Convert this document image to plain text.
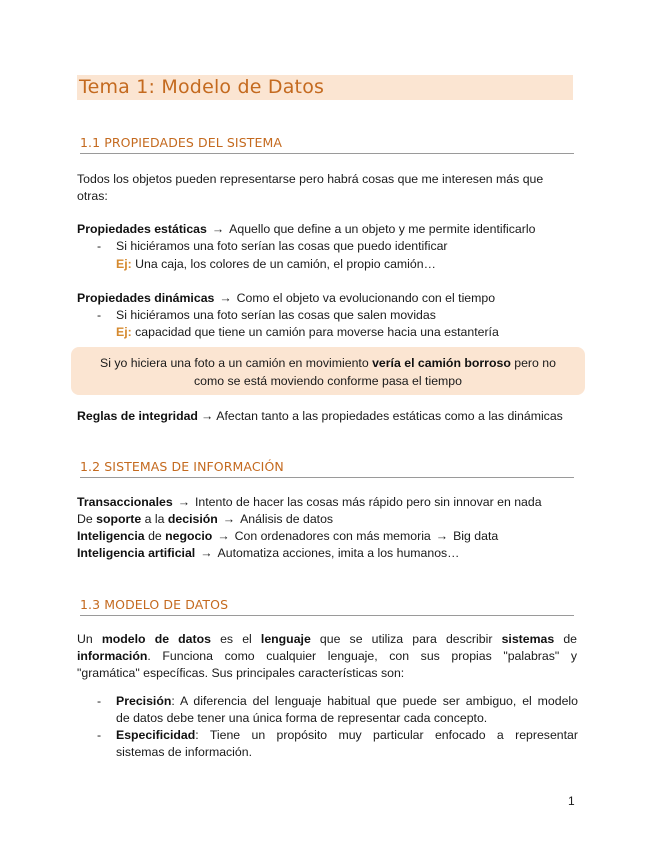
Tema 1: Modelo de Datos
1.1 PROPIEDADES DEL SISTEMA
Todos los objetos pueden representarse pero habrá cosas que me interesen más que
otras:
Propiedades estáticas → Aquello que define a un objeto y me permite identificarlo
- Si hiciéramos una foto serían las cosas que puedo identificar
Ej: Una caja, los colores de un camión, el propio camión…
Propiedades dinámicas → Como el objeto va evolucionando con el tiempo
- Si hiciéramos una foto serían las cosas que salen movidas
Ej: capacidad que tiene un camión para moverse hacia una estantería
Si yo hiciera una foto a un camión en movimiento vería el camión borroso pero no
como se está moviendo conforme pasa el tiempo
Reglas de integridad → Afectan tanto a las propiedades estáticas como a las dinámicas
1.2 SISTEMAS DE INFORMACIÓN
Transaccionales → Intento de hacer las cosas más rápido pero sin innovar en nada
De soporte a la decisión → Análisis de datos
Inteligencia de negocio → Con ordenadores con más memoria → Big data
Inteligencia artificial → Automatiza acciones, imita a los humanos…
1.3 MODELO DE DATOS
Un modelo de datos es el lenguaje que se utiliza para describir sistemas de
información. Funciona como cualquier lenguaje, con sus propias "palabras" y
"gramática" específicas. Sus principales características son:
- Precisión: A diferencia del lenguaje habitual que puede ser ambiguo, el modelo
de datos debe tener una única forma de representar cada concepto.
- Especificidad: Tiene un propósito muy particular enfocado a representar
sistemas de información.
1
